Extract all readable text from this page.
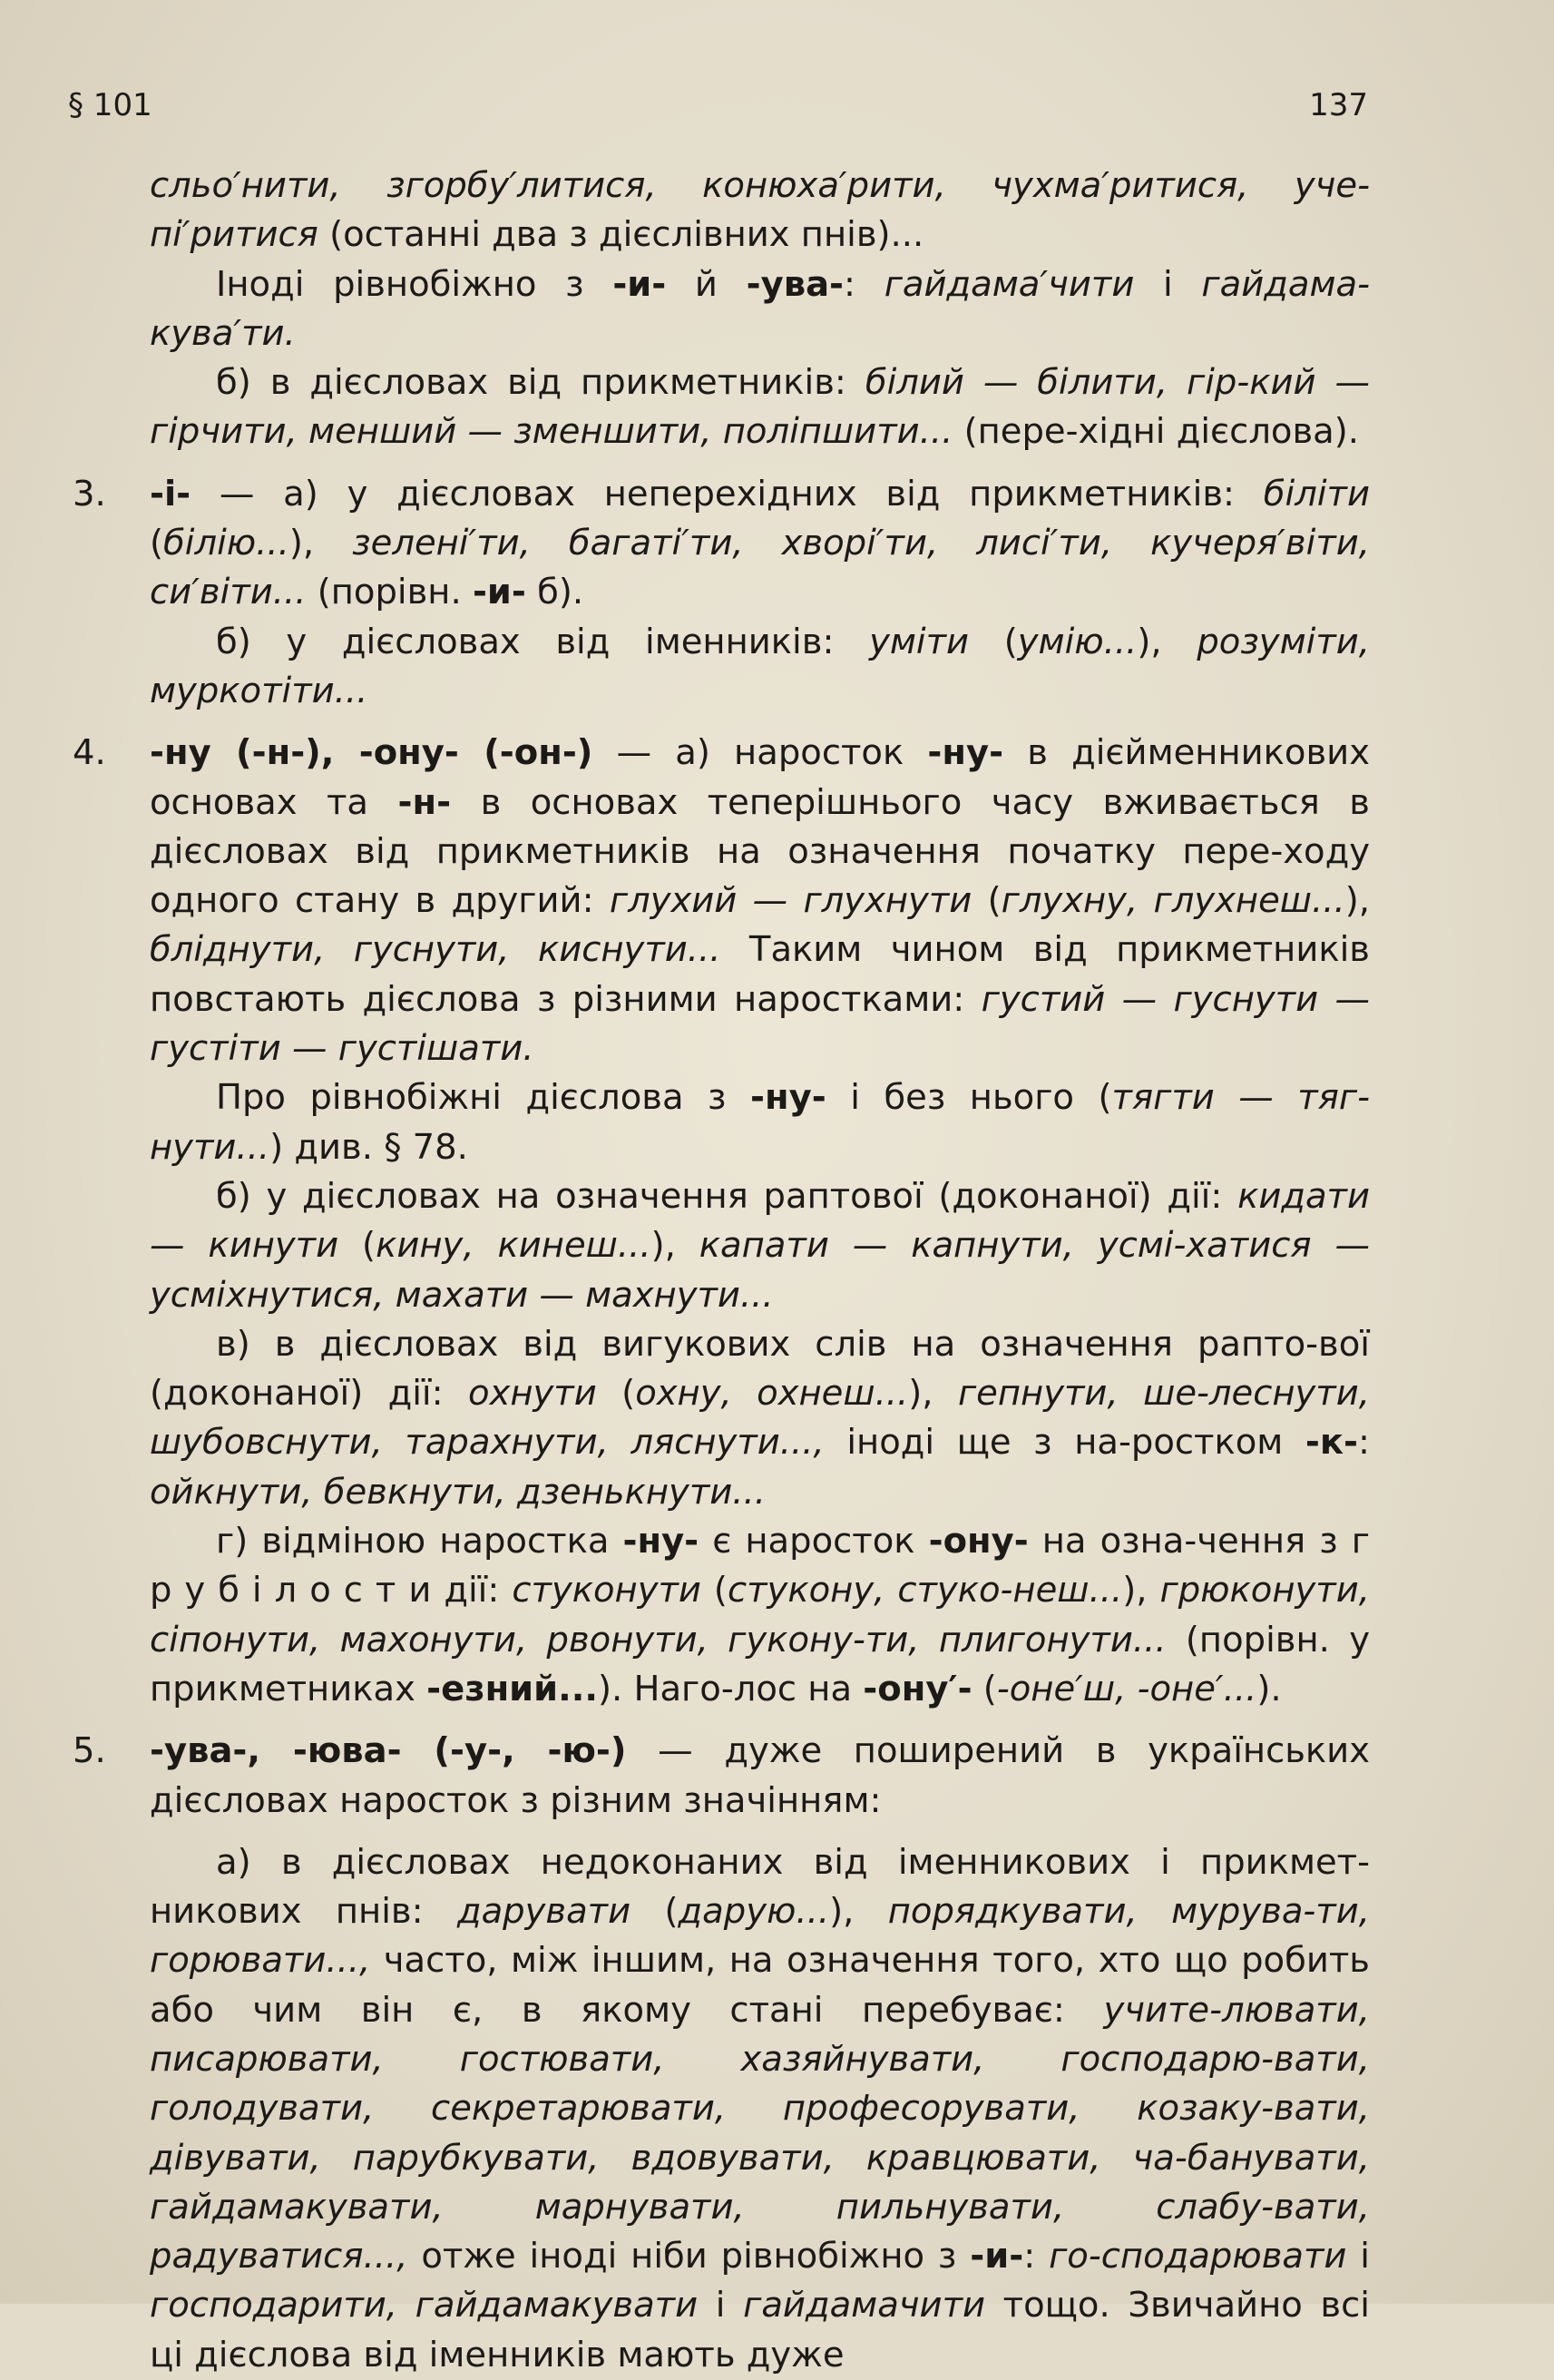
§ 101	137

сльо′нити, згорбу′литися, конюха′рити, чухма′ритися, уче-пі′ритися (останні два з дієслівних пнів)...

Іноді рівнобіжно з -и- й -ува-: гайдама′чити і гайдама-кува′ти.

б) в дієсловах від прикметників: білий — білити, гір-кий — гірчити, менший — зменшити, поліпшити... (пере-хідні дієслова).

3.	-і- — а) у дієсловах неперехідних від прикметників: біліти (білію...), зелені′ти, багаті′ти, хворі′ти, лисі′ти, кучеря′віти, си′віти... (порівн. -и- б).

б) у дієсловах від іменників: уміти (умію...), розуміти, муркотіти...

4.	-ну (-н-), -ону- (-он-) — а) наросток -ну- в дієйменникових основах та -н- в основах теперішнього часу вживається в дієсловах від прикметників на означення початку пере-ходу одного стану в другий: глухий — глухнути (глухну, глухнеш...), бліднути, гуснути, киснути... Таким чином від прикметників повстають дієслова з різними наростками: густий — гуснути — густіти — густішати.

Про рівнобіжні дієслова з -ну- і без нього (тягти — тяг-нути...) див. § 78.

б) у дієсловах на означення раптової (доконаної) дії: кидати — кинути (кину, кинеш...), капати — капнути, усмі-хатися — усміхнутися, махати — махнути...

в) в дієсловах від вигукових слів на означення рапто-вої (доконаної) дії: охнути (охну, охнеш...), гепнути, ше-леснути, шубовснути, тарахнути, ляснути..., іноді ще з на-ростком -к-: ойкнути, бевкнути, дзенькнути...

г) відміною наростка -ну- є наросток -ону- на озна-чення з г р у б і л о с т и дії: стуконути (стукону, стуко-неш...), грюконути, сіпонути, махонути, рвонути, гукону-ти, плигонути... (порівн. у прикметниках -езний...). Наго-лос на -ону′- (-оне′ш, -оне′...).

5.	-ува-, -юва- (-у-, -ю-) — дуже поширений в українських дієсловах наросток з різним значінням:

а) в дієсловах недоконаних від іменникових і прикмет-никових пнів: дарувати (дарую...), порядкувати, мурува-ти, горювати..., часто, між іншим, на означення того, хто що робить або чим він є, в якому стані перебуває: учите-лювати, писарювати, гостювати, хазяйнувати, господарю-вати, голодувати, секретарювати, професорувати, козаку-вати, дівувати, парубкувати, вдовувати, кравцювати, ча-банувати, гайдамакувати, марнувати, пильнувати, слабу-вати, радуватися..., отже іноді ніби рівнобіжно з -и-: го-сподарювати і господарити, гайдамакувати і гайдамачити тощо. Звичайно всі ці дієслова від іменників мають дуже
